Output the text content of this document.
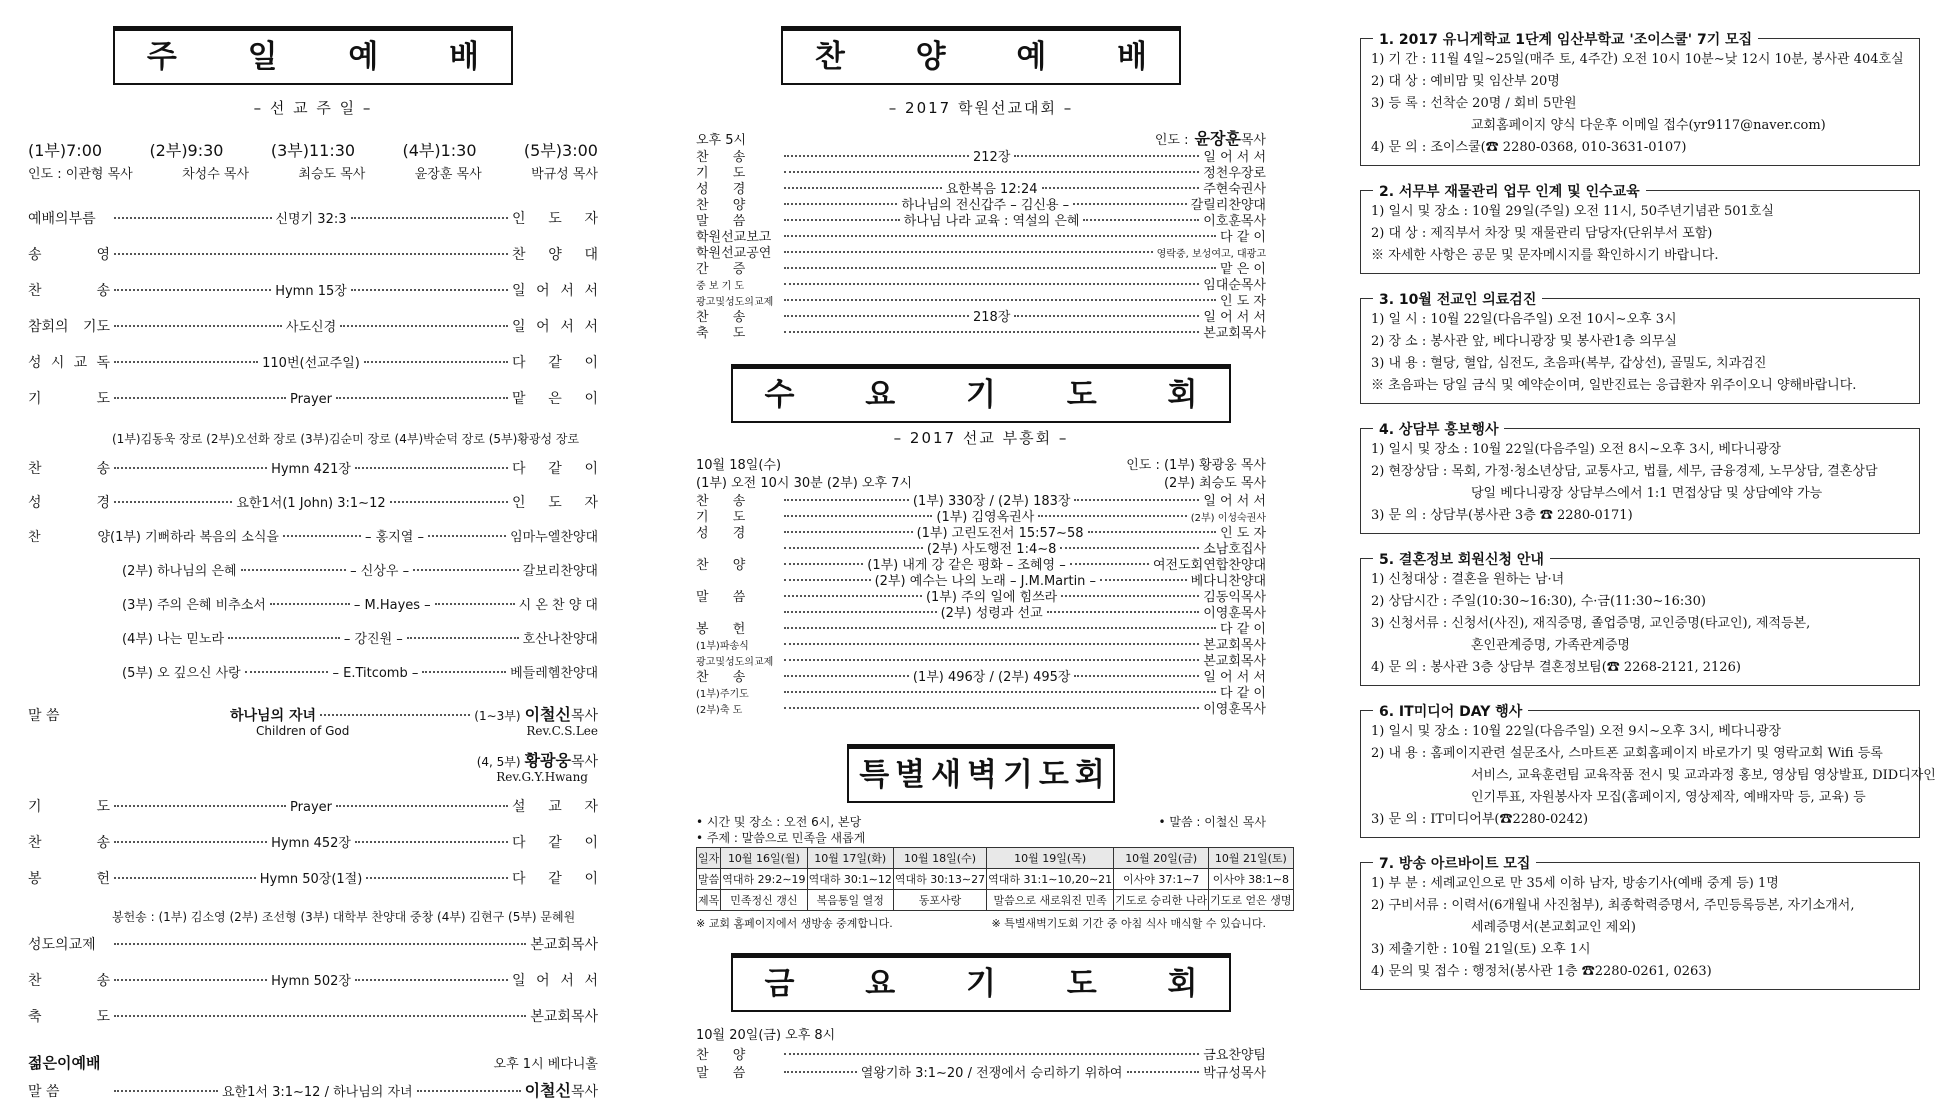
주 일 예 배
– 선 교 주 일 –
(1부)7:00	(2부)9:30	(3부)11:30	(4부)1:30	(5부)3:00
인도 : 이관형 목사	차성수 목사	최승도 목사	윤장훈 목사	박규성 목사
예배의부름	신명기 32:3	인 도 자
송	영	찬 양 대
찬	송	Hymn 15장	일 어 서 서
참회의 기도	사도신경	일 어 서 서
성 시 교 독	110번(선교주일)	다 같 이
기	도	Prayer	맡 은 이
(1부)김동욱 장로 (2부)오선화 장로 (3부)김순미 장로 (4부)박순덕 장로 (5부)황광성 장로
찬	송	Hymn 421장	다 같 이
성	경	요한1서(1 John) 3:1∼12	인 도 자
찬	양 (1부) 기뻐하라 복음의 소식을	– 홍지열 –	임마누엘찬양대
(2부) 하나님의 은혜	– 신상우 –	갈보리찬양대
(3부) 주의 은혜 비추소서	– M.Hayes –	시 온 찬 양 대
(4부) 나는 믿노라	– 강진원 –	호산나찬양대
(5부) 오 깊으신 사랑	– E.Titcomb –	베들레헴찬양대
말 씀	하나님의 자녀	(1∼3부) 이철신 목사
Children of God	Rev.C.S.Lee
(4, 5부) 황광웅 목사
Rev.G.Y.Hwang
기	도	Prayer	설 교 자
찬	송	Hymn 452장	다 같 이
봉	헌	Hymn 50장(1절)	다 같 이
봉헌송 : (1부) 김소영 (2부) 조선형 (3부) 대학부 찬양대 중창 (4부) 김현구 (5부) 문혜원
성도의교제	본교회목사
찬	송	Hymn 502장	일 어 서 서
축	도	본교회목사
젊은이예배	오후 1시 베다니홀
말 씀	요한1서 3:1∼12 / 하나님의 자녀	이철신 목사
찬 양 예 배
– 2017 학원선교대회 –
오후 5시	인도 : 윤장훈 목사
찬 송	212장	일 어 서 서
기 도	정천우장로
성 경	요한복음 12:24	주현숙권사
찬 양	하나님의 전신갑주 – 김신용 –	갈릴리찬양대
말 씀	하나님 나라 교육 : 역설의 은혜	이호훈목사
학원선교보고	다 같 이
학원선교공연	영락중, 보성여고, 대광고
간 증	맡 은 이
중 보 기 도	임대순목사
광고및성도의교제	인 도 자
찬 송	218장	일 어 서 서
축 도	본교회목사
수 요 기 도 회
– 2017 선교 부흥회 –
10월 18일(수)	인도 : (1부) 황광웅 목사
(1부) 오전 10시 30분 (2부) 오후 7시	(2부) 최승도 목사
찬 송	(1부) 330장 / (2부) 183장	일 어 서 서
기 도	(1부) 김영옥권사	(2부) 이성숙권사
성 경	(1부) 고린도전서 15:57∼58	인 도 자
(2부) 사도행전 1:4∼8	소남호집사
찬 양	(1부) 내게 강 같은 평화 – 조혜영 –	여전도회연합찬양대
(2부) 예수는 나의 노래 – J.M.Martin –	베다니찬양대
말 씀	(1부) 주의 일에 힘쓰라	김동익목사
(2부) 성령과 선교	이영훈목사
봉 헌	다 같 이
(1부)파송식	본교회목사
광고및성도의교제	본교회목사
찬 송	(1부) 496장 / (2부) 495장	일 어 서 서
(1부)주기도	다 같 이
(2부)축 도	이영훈목사
특별새벽기도회
• 시간 및 장소 : 오전 6시, 본당	• 말씀 : 이철신 목사
• 주제 : 말씀으로 민족을 새롭게
일자	10월 16일(월)	10월 17일(화)	10월 18일(수)	10월 19일(목)	10월 20일(금)	10월 21일(토)
말씀	역대하 29:2∼19	역대하 30:1∼12	역대하 30:13∼27	역대하 31:1∼10,20∼21	이사야 37:1∼7	이사야 38:1∼8
제목	민족정신 갱신	복음통일 열정	동포사랑	말씀으로 새로워진 민족	기도로 승리한 나라	기도로 얻은 생명
※ 교회 홈페이지에서 생방송 중계합니다.	※ 특별새벽기도회 기간 중 아침 식사 매식할 수 있습니다.
금 요 기 도 회
10월 20일(금) 오후 8시
찬 양	금요찬양팀
말 씀	열왕기하 3:1∼20 / 전쟁에서 승리하기 위하여	박규성목사
1. 2017 유니게학교 1단계 임산부학교 '조이스쿨' 7기 모집
1) 기 간 : 11월 4일∼25일(매주 토, 4주간) 오전 10시 10분∼낮 12시 10분, 봉사관 404호실
2) 대 상 : 예비맘 및 임산부 20명
3) 등 록 : 선착순 20명 / 회비 5만원
교회홈페이지 양식 다운후 이메일 접수(yr9117@naver.com)
4) 문 의 : 조이스쿨(☎ 2280-0368, 010-3631-0107)
2. 서무부 재물관리 업무 인계 및 인수교육
1) 일시 및 장소 : 10월 29일(주일) 오전 11시, 50주년기념관 501호실
2) 대 상 : 제직부서 차장 및 재물관리 담당자(단위부서 포함)
※ 자세한 사항은 공문 및 문자메시지를 확인하시기 바랍니다.
3. 10월 전교인 의료검진
1) 일 시 : 10월 22일(다음주일) 오전 10시∼오후 3시
2) 장 소 : 봉사관 앞, 베다니광장 및 봉사관1층 의무실
3) 내 용 : 혈당, 혈압, 심전도, 초음파(복부, 갑상선), 골밀도, 치과검진
※ 초음파는 당일 금식 및 예약순이며, 일반진료는 응급환자 위주이오니 양해바랍니다.
4. 상담부 홍보행사
1) 일시 및 장소 : 10월 22일(다음주일) 오전 8시∼오후 3시, 베다니광장
2) 현장상담 : 목회, 가정·청소년상담, 교통사고, 법률, 세무, 금융경제, 노무상담, 결혼상담
당일 베다니광장 상담부스에서 1:1 면접상담 및 상담예약 가능
3) 문 의 : 상담부(봉사관 3층 ☎ 2280-0171)
5. 결혼정보 회원신청 안내
1) 신청대상 : 결혼을 원하는 남·녀
2) 상담시간 : 주일(10:30∼16:30), 수·금(11:30∼16:30)
3) 신청서류 : 신청서(사진), 재직증명, 졸업증명, 교인증명(타교인), 제적등본,
혼인관계증명, 가족관계증명
4) 문 의 : 봉사관 3층 상담부 결혼정보팀(☎ 2268-2121, 2126)
6. IT미디어 DAY 행사
1) 일시 및 장소 : 10월 22일(다음주일) 오전 9시∼오후 3시, 베다니광장
2) 내 용 : 홈페이지관련 설문조사, 스마트폰 교회홈페이지 바로가기 및 영락교회 Wifi 등록
서비스, 교육훈련팀 교육작품 전시 및 교과과정 홍보, 영상팀 영상발표, DID디자인
인기투표, 자원봉사자 모집(홈페이지, 영상제작, 예배자막 등, 교육) 등
3) 문 의 : IT미디어부(☎2280-0242)
7. 방송 아르바이트 모집
1) 부 분 : 세례교인으로 만 35세 이하 남자, 방송기사(예배 중계 등) 1명
2) 구비서류 : 이력서(6개월내 사진첨부), 최종학력증명서, 주민등록등본, 자기소개서,
세례증명서(본교회교인 제외)
3) 제출기한 : 10월 21일(토) 오후 1시
4) 문의 및 접수 : 행정처(봉사관 1층 ☎2280-0261, 0263)
